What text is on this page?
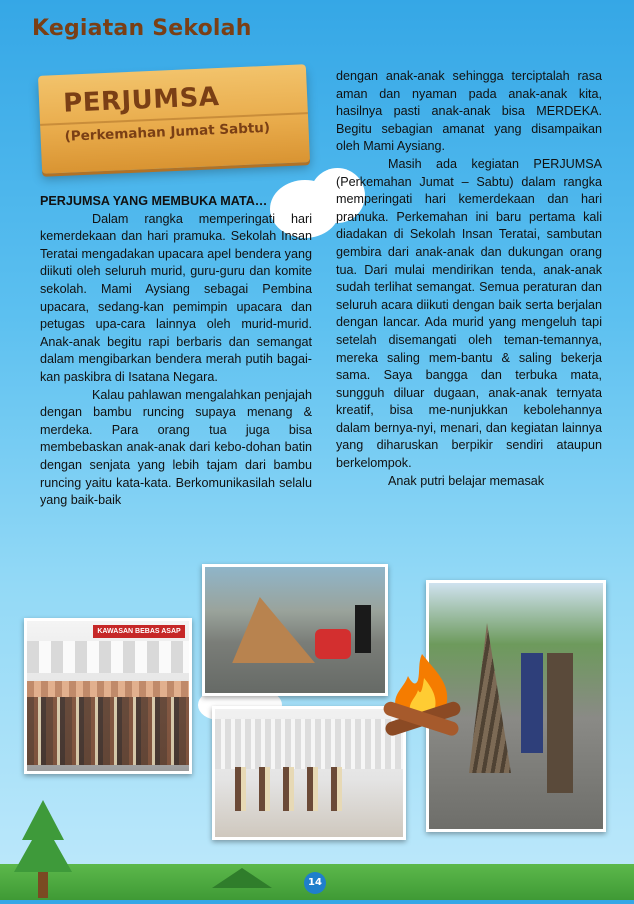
Kegiatan Sekolah
PERJUMSA
(Perkemahan Jumat Sabtu)

PERJUMSA YANG MEMBUKA MATA…

Dalam rangka memperingati hari kemerdekaan dan hari pramuka. Sekolah Insan Teratai mengadakan upacara apel bendera yang diikuti oleh seluruh murid, guru-guru dan komite sekolah. Mami Aysiang sebagai Pembina upacara, sedang-kan pemimpin upacara dan petugas upa-cara lainnya oleh murid-murid. Anak-anak begitu rapi berbaris dan semangat dalam mengibarkan bendera merah putih bagai-kan paskibra di Isatana Negara.

Kalau pahlawan mengalahkan penjajah dengan bambu runcing supaya menang & merdeka. Para orang tua juga bisa membebaskan anak-anak dari kebo-dohan batin dengan senjata yang lebih tajam dari bambu runcing yaitu kata-kata. Berkomunikasilah selalu yang baik-baik

dengan anak-anak sehingga terciptalah rasa aman dan nyaman pada anak-anak kita, hasilnya pasti anak-anak bisa MERDEKA. Begitu sebagian amanat yang disampaikan oleh Mami Aysiang.

Masih ada kegiatan PERJUMSA (Perkemahan Jumat – Sabtu) dalam rangka memperingati hari kemerdekaan dan hari pramuka. Perkemahan ini baru pertama kali diadakan di Sekolah Insan Teratai, sambutan gembira dari anak-anak dan dukungan orang tua. Dari mulai mendirikan tenda, anak-anak sudah terlihat semangat. Semua peraturan dan seluruh acara diikuti dengan baik serta berjalan dengan lancar. Ada murid yang mengeluh tapi setelah disemangati oleh teman-temannya, mereka saling mem-bantu & saling bekerja sama. Saya bangga dan terbuka mata, sungguh diluar dugaan, anak-anak ternyata kreatif, bisa me-nunjukkan kebolehannya dalam bernya-nyi, menari, dan kegiatan lainnya yang diharuskan berpikir sendiri ataupun berkelompok.

Anak putri belajar memasak

KAWASAN BEBAS ASAP
14
